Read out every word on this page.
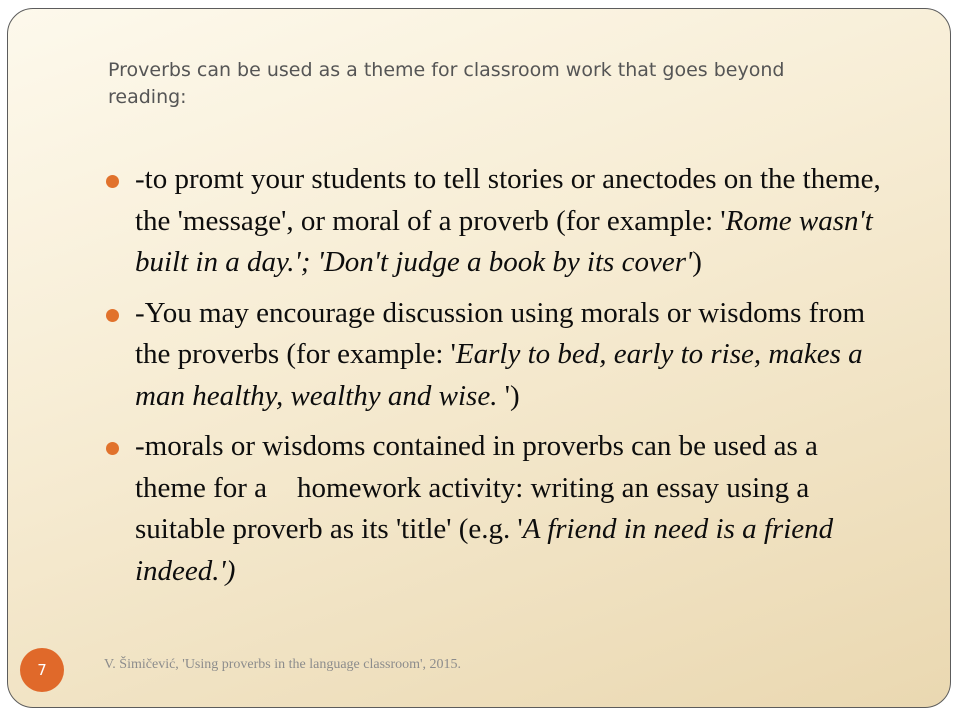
Proverbs can be used as a theme for classroom work that goes beyond reading:
-to promt your students to tell stories or anectodes on the theme, the 'message', or moral of a proverb (for example: 'Rome wasn't built in a day.'; 'Don't judge a book by its cover')
-You may encourage discussion using morals or wisdoms from the proverbs (for example: 'Early to bed, early to rise, makes a man healthy, wealthy and wise. ')
-morals or wisdoms contained in proverbs can be used as a theme for a homework activity: writing an essay using a suitable proverb as its 'title' (e.g. 'A friend in need is a friend indeed.')
7	V. Šimičević, 'Using proverbs in the language classroom', 2015.
